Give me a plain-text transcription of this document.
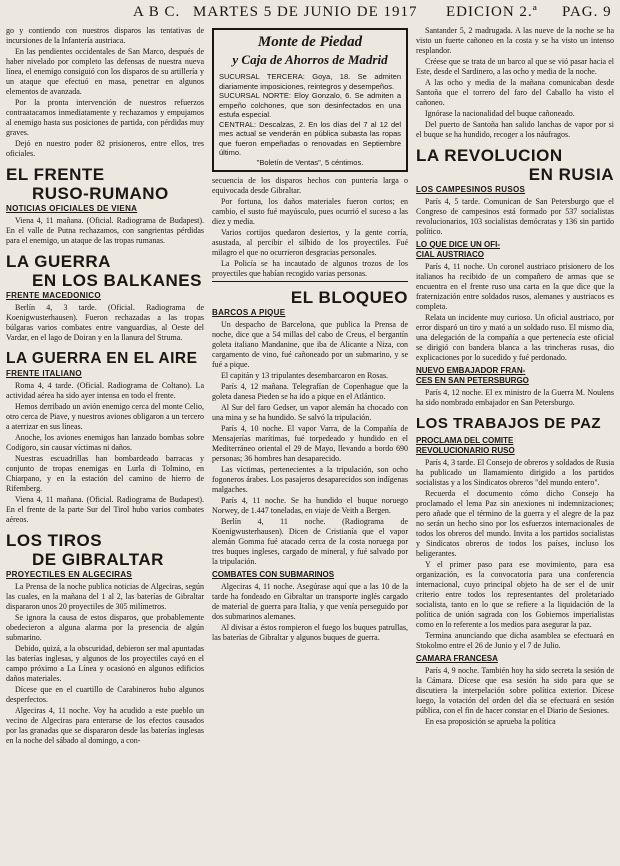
A B C. MARTES 5 DE JUNIO DE 1917 EDICION 2.ª PAG. 9

go y contiendo con nuestros disparos las tentativas de incursiones de la Infantería austriaca.

En las pendientes occidentales de San Marco, después de haber nivelado por completo las defensas de nuestra nueva línea, el enemigo consiguió con los disparos de su artillería y un ataque que efectuó en masa, penetrar en algunos elementos de avanzada.

Por la pronta intervención de nuestros refuerzos contraatacamos inmediatamente y rechazamos y empujamos al enemigo hasta sus posiciones de partida, con pérdidas muy graves.

Dejó en nuestro poder 82 prisioneros, entre ellos, tres oficiales.

EL FRENTE
RUSO-RUMANO
NOTICIAS OFICIALES DE VIENA

Viena 4, 11 mañana. (Oficial. Radiograma de Budapest). En el valle de Putna rechazamos, con sangrientas pérdidas para el enemigo, un ataque de las tropas rumanas.

LA GUERRA
EN LOS BALKANES
FRENTE MACEDONICO

Berlín 4, 3 tarde. (Oficial. Radiograma de Koenigwusterhausen). Fueron rechazadas a las tropas búlgaras varios combates entre vanguardias, al Oeste del Vardar, en el lago de Doiran y en la llanura del Struma.

LA GUERRA EN EL AIRE
FRENTE ITALIANO

Roma 4, 4 tarde. (Oficial. Radiograma de Coltano). La actividad aérea ha sido ayer intensa en todo el frente.

Hemos derribado un avión enemigo cerca del monte Celio, otro cerca de Piave, y nuestros aviones obligaron a un tercero a aterrizar en sus líneas.

Anoche, los aviones enemigos han lanzado bombas sobre Codigoro, sin causar víctimas ni daños.

Nuestras escuadrillas han bombardeado barracas y conjunto de tropas enemigas en Lurla di Tolmino, en Chiarpano, y en la estación del camino de hierro de Rifemberg.

Viena 4, 11 mañana. (Oficial. Radiograma de Budapest). En el frente de la parte Sur del Tirol hubo varios combates aéreos.

LOS TIROS
DE GIBRALTAR
PROYECTILES EN ALGECIRAS

La Prensa de la noche publica noticias de Algeciras, según las cuales, en la mañana del 1 al 2, las baterías de Gibraltar dispararon unos 20 proyectiles de 305 milímetros.

Se ignora la causa de estos disparos, que probablemente obedecieron a alguna alarma por la presencia de algún submarino.

Debido, quizá, a la obscuridad, debieron ser mal apuntadas las baterías inglesas, y algunos de los proyectiles cayó en el campo próximo a La Línea y ocasionó en algunos edificios daños materiales.

Dícese que en el cuartillo de Carabineros hubo algunos desperfectos.

Algeciras 4, 11 noche. Voy ha acudido a este pueblo un vecino de Algeciras para enterarse de los efectos causados por las granadas que se dispararon desde las baterías inglesas en la noche del sábado al domingo, a con-

Monte de Piedad
y Caja de Ahorros de Madrid
SUCURSAL TERCERA: Goya, 18. Se admiten diariamente imposiciones, reintegros y desempeños.
SUCURSAL NORTE: Eloy Gonzalo, 6. Se admiten a empeño colchones, que son desinfectados en una estufa especial.
CENTRAL: Descalzas, 2. En los días del 7 al 12 del mes actual se venderán en pública subasta las ropas que fueron empeñadas o renovadas en Septiembre último.
"Boletín de Ventas", 5 céntimos.

secuencia de los disparos hechos con puntería larga o equivocada desde Gibraltar.

Por fortuna, los daños materiales fueron cortos; en cambio, el susto fué mayúsculo, pues ocurrió el suceso a las diez y media.

Varios cortijos quedaron desiertos, y la gente corría, asustada, al percibir el silbido de los proyectiles. Fué milagro el que no ocurrieron desgracias personales.

La Policía se ha incautado de algunos trozos de los proyectiles que habían recogido varias personas.

EL BLOQUEO
BARCOS A PIQUE

Un despacho de Barcelona, que publica la Prensa de noche, dice que a 54 millas del cabo de Creus, el bergantín goleta italiano Mandanine, que iba de Alicante a Niza, con cargamento de vino, fué cañoneado por un submarino, y se fué a pique.

El capitán y 13 tripulantes desembarcaron en Rosas.

París 4, 12 mañana. Telegrafían de Copenhague que la goleta danesa Pieden se ha ido a pique en el Atlántico.

Al Sur del faro Gedser, un vapor alemán ha chocado con una mina y se ha hundido. Se salvó la tripulación.

París 4, 10 noche. El vapor Varra, de la Compañía de Mensajerías marítimas, fué torpedeado y hundido en el Mediterráneo oriental el 29 de Mayo, llevando a bordo 690 personas; 36 hombres han desaparecido.

Las víctimas, pertenecientes a la tripulación, son ocho fogoneros árabes. Los pasajeros desaparecidos son indígenas malgaches.

París 4, 11 noche. Se ha hundido el buque noruego Norwey, de 1.447 toneladas, en viaje de Veith a Bergen.

Berlín 4, 11 noche. (Radiograma de Koenigwusterhausen). Dicen de Cristianía que el vapor alemán Gomma fué atacado cerca de la costa noruega por tres buques ingleses, cargado de mineral, y fué salvado por la tripulación.

COMBATES CON SUBMARINOS

Algeciras 4, 11 noche. Asegúrase aquí que a las 10 de la tarde ha fondeado en Gibraltar un transporte inglés cargado de material de guerra para Italia, y que venía perseguido por dos submarinos alemanes.

Al divisar a éstos rompieron el fuego los buques patrullas, las baterías de Gibraltar y algunos buques de guerra.

Santander 5, 2 madrugada. A las nueve de la noche se ha visto un fuerte cañoneo en la costa y se ha visto un intenso resplandor.

Créese que se trata de un barco al que se vió pasar hacia el Este, desde el Sardinero, a las ocho y media de la noche.

A las ocho y media de la mañana comunicaban desde Santoña que el torrero del faro del Caballo ha visto el cañoneo.

Ignórase la nacionalidad del buque cañoneado.

Del puerto de Santoña han salido lanchas de vapor por si el buque se ha hundido, recoger a los náufragos.

LA REVOLUCION
EN RUSIA
LOS CAMPESINOS RUSOS

París 4, 5 tarde. Comunican de San Petersburgo que el Congreso de campesinos está formado por 537 socialistas revolucionarios, 103 socialistas demócratas y 136 sin partido político.

LO QUE DICE UN OFI-
CIAL AUSTRIACO

París 4, 11 noche. Un coronel austriaco prisionero de los italianos ha recibido de un compañero de armas que se encuentra en el frente ruso una carta en la que dice que la fraternización entre soldados rusos, alemanes y austriacos es completa.

Relata un incidente muy curioso. Un oficial austriaco, por error disparó un tiro y mató a un soldado ruso. El mismo día, una delegación de la compañía a que pertenecía este oficial se dirigió con bandera blanca a las trincheras rusas, dio explicaciones por lo sucedido y fué perdonado.

NUEVO EMBAJADOR FRAN-
CES EN SAN PETERSBURGO

París 4, 12 noche. El ex ministro de la Guerra M. Noulens ha sido nombrado embajador en San Petersburgo.

LOS TRABAJOS DE PAZ
PROCLAMA DEL COMITE
REVOLUCIONARIO RUSO

París 4, 3 tarde. El Consejo de obreros y soldados de Rusia ha publicado un llamamiento dirigido a los partidos socialistas y a los Sindicatos obreros "del mundo entero".

Recuerda el documento cómo dicho Consejo ha proclamado el lema Paz sin anexiones ni indemnizaciones; pero añade que el término de la guerra y el alegre de la paz no serán un hecho sino por los esfuerzos internacionales de todos los obreros del mundo. Invita a los partidos socialistas y Sindicatos obreros de todos los países, incluso los beligerantes.

Y el primer paso para ese movimiento, para esa organización, es la convocatoria para una conferencia internacional, cuyo principal objeto ha de ser el de unir criterio entre todos los representantes del proletariado socialista, tanto en lo que se refiere a la liquidación de la política de unión sagrada con los Gobiernos imperialistas como en lo referente a los medios para asegurar la paz.

Termina anunciando que dicha asamblea se efectuará en Stokolmo entre el 26 de Junio y el 7 de Julio.

CAMARA FRANCESA

París 4, 9 noche. También hoy ha sido secreta la sesión de la Cámara. Dícese que esa sesión ha sido para que se discutiera la interpelación sobre política exterior. Dícese luego, la votación del orden del día se efectuará en sesión pública, con el fin de hacer constar en el Diario de Sesiones.

En esa proposición se aprueba la política
